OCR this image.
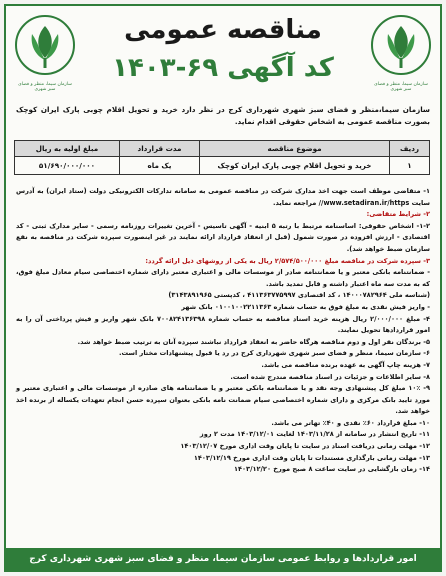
سازمان سیما، منظر و فضای سبز شهری
مناقصه عمومی
کد آگهی ۶۹-۱۴۰۳
سازمان سیما، منظر و فضای سبز شهری
سازمان سیما،منظر و فضای سبز شهری شهرداری کرج در نظر دارد خرید و تحویل اقلام چوبی پارک ایران کوچک بصورت مناقصه عمومی به اشخاص حقوقی اقدام نماید.
ردیف	موضوع مناقصه	مدت قرارداد	مبلغ اولیه به ریال
۱	خرید و تحویل اقلام چوبی پارک ایران کوچک	یک ماه	۵۱/۶۹۰/۰۰۰/۰۰۰

۱- متقاضی موظف است جهت اخذ مدارک شرکت در مناقصه عمومی به سامانه تدارکات الکترونیکی دولت (ستاد ایران) به آدرس سایت www.setadiran.ir/https// مراجعه نماید.

۲- شرایط متقاضی:

۱-۲- اشخاص حقوقی: اساسنامه مرتبط با رتبه ۵ ابنیه - آگهی تاسیس - آخرین تغییرات روزنامه رسمی - سایر مدارک ثبتی - کد اقتصادی - ارزش افزوده در صورت شمول (قبل از انعقاد قرارداد ارائه نمایند در غیر اینصورت سپرده شرکت در مناقصه به نفع سازمان ضبط خواهد شد).

۳- سپرده شرکت در مناقصه مبلغ ۲/۵۷۴/۵۰۰/۰۰۰ ریال به یکی از روشهای ذیل ارائه گردد:

- ضمانتنامه بانکی معتبر و یا ضمانتنامه صادر از موسسات مالی و اعتباری معتبر دارای شماره اختصاصی سیام معادل مبلغ فوق، که به مدت سه ماه اعتبار داشته و قابل تمدید باشد.

(شناسه ملی ۱۴۰۰۰۷۸۲۹۶۴ ، کد اقتصادی ۴۱۱۳۶۳۷۷۵۹۹۷ ، کدپستی ۳۱۴۳۸۹۱۹۶۵)

- واریز فیش نقدی به مبلغ فوق به حساب شماره ۰۱۰۰۱۰۰۲۲۱۱۳۶۳ بانک شهر

۴- مبلغ ۲/۰۰۰/۰۰۰ ریال هزینه خرید اسناد مناقصه به حساب شماره ۷۰۰۸۲۴۱۳۶۳۹۸ بانک شهر واریز و فیش پرداختی آن را به امور قراردادها تحویل نمایند.

۵- برندگان نفر اول و دوم مناقصه هرگاه حاضر به انعقاد قرارداد نباشند سپرده آنان به ترتیب ضبط خواهد شد.

۶- سازمان سیما، منظر و فضای سبز شهری شهرداری کرج در رد یا قبول پیشنهادات مختار است.

۷- هزینه چاپ آگهی به عهده برنده مناقصه می باشد.

۸- سایر اطلاعات و جزئیات در اسناد مناقصه مندرج شده است.

۹- ۱۰٪ مبلغ کل پیشنهادی وجه نقد و یا ضمانتنامه بانکی معتبر و یا ضمانتنامه های صادره از موسسات مالی و اعتباری معتبر و مورد تایید بانک مرکزی و دارای شماره اختصاصی سیام ضمانت نامه بانکی بعنوان سپرده حسن انجام تعهدات یکساله از برنده اخذ خواهد شد.

۱۰- مبلغ قرارداد ۶۰٪ نقدی و ۴۰٪ تهاتر می باشد.

۱۱- تاریخ انتشار در سامانه از ۱۴۰۳/۱۱/۲۸ لغایت ۱۴۰۳/۱۲/۰۱ مدت ۲ روز

۱۲- مهلت زمانی دریافت اسناد در سایت تا پایان وقت اداری مورخ ۱۴۰۳/۱۲/۰۷

۱۳- مهلت زمانی بارگذاری مستندات تا پایان وقت اداری مورخ ۱۴۰۳/۱۲/۱۹

۱۴- زمان بازگشایی در سایت ساعت ۸ صبح مورخ ۱۴۰۳/۱۲/۲۰

امور قراردادها و روابط عمومی سازمان سیما، منظر و فضای سبز شهری شهرداری کرج
